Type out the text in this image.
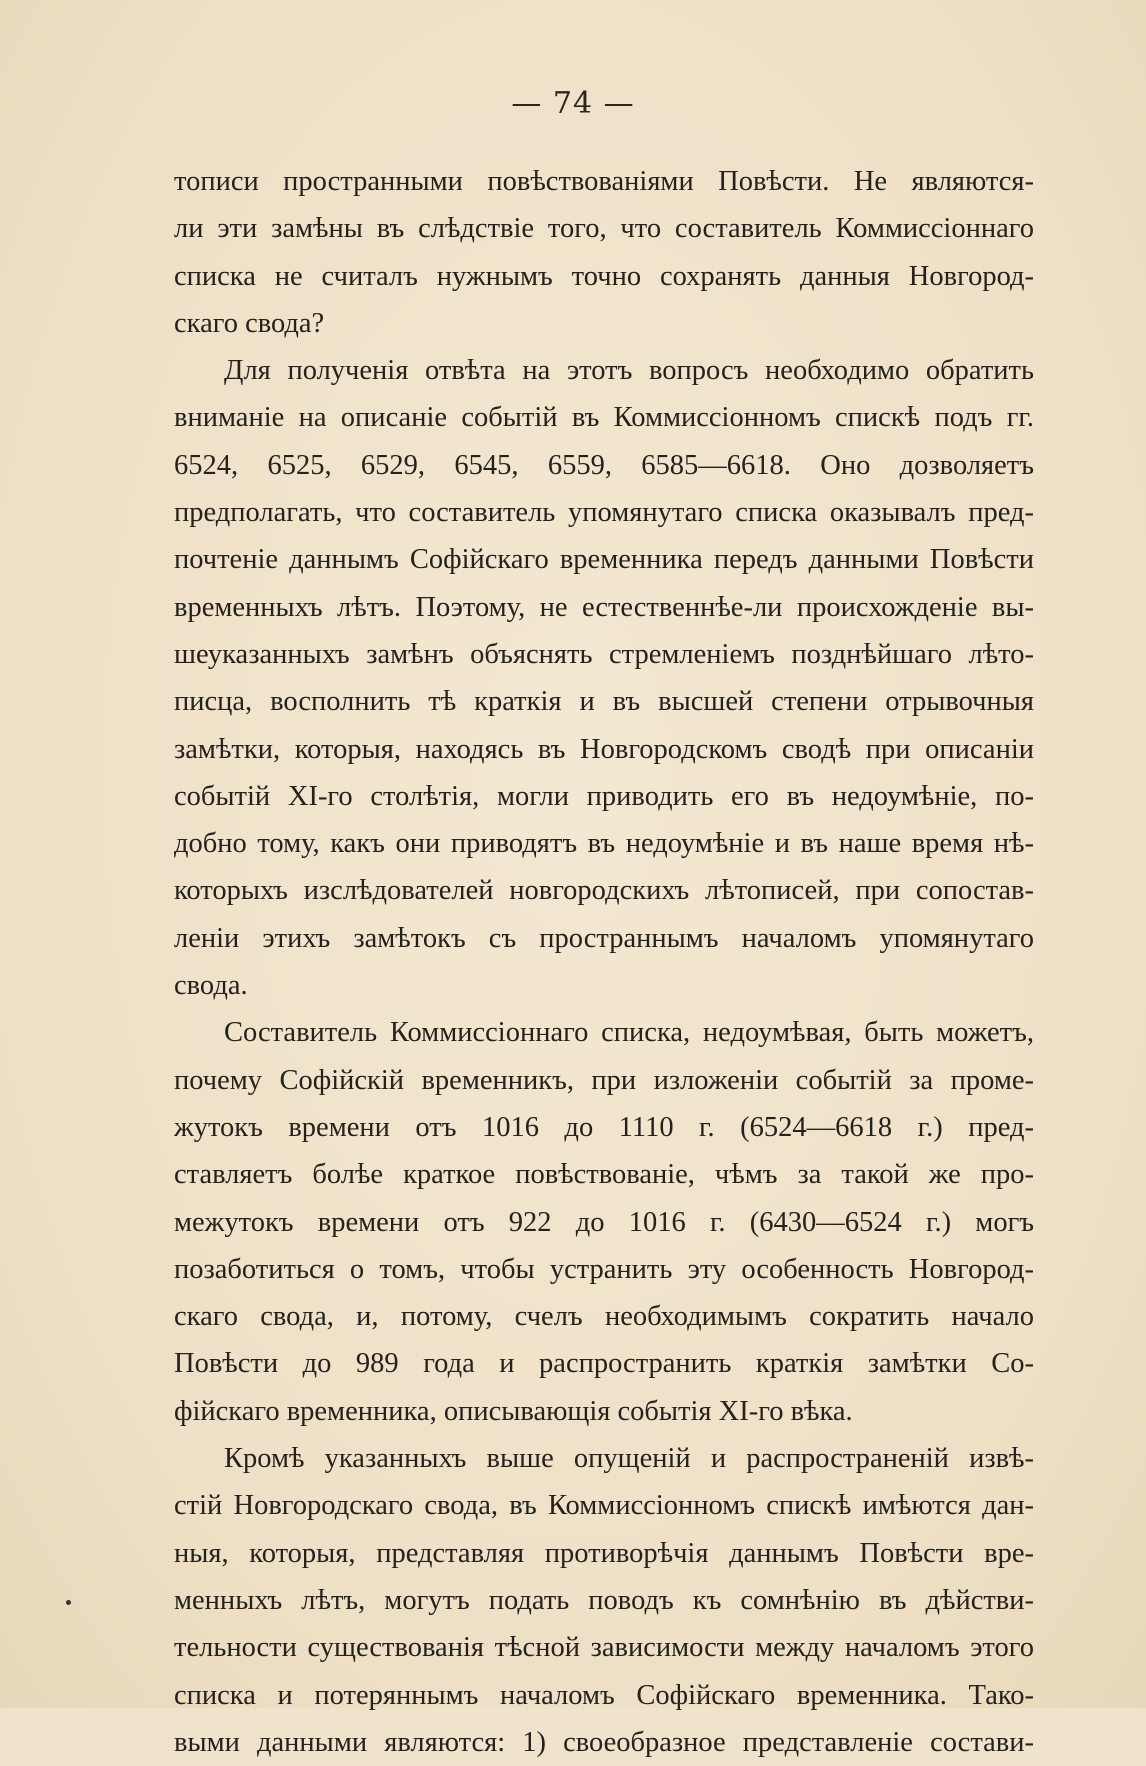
— 74 —
тописи пространными повѣствованіями Повѣсти. Не являются-
ли эти замѣны въ слѣдствіе того, что составитель Коммиссіоннаго
списка не считалъ нужнымъ точно сохранять данныя Новгород-
скаго свода?
Для полученія отвѣта на этотъ вопросъ необходимо обратить
вниманіе на описаніе событій въ Коммиссіонномъ спискѣ подъ гг.
6524, 6525, 6529, 6545, 6559, 6585—6618. Оно дозволяетъ
предполагать, что составитель упомянутаго списка оказывалъ пред-
почтеніе даннымъ Софійскаго временника передъ данными Повѣсти
временныхъ лѣтъ. Поэтому, не естественнѣе-ли происхожденіе вы-
шеуказанныхъ замѣнъ объяснять стремленіемъ позднѣйшаго лѣто-
писца, восполнить тѣ краткія и въ высшей степени отрывочныя
замѣтки, которыя, находясь въ Новгородскомъ сводѣ при описаніи
событій XI-го столѣтія, могли приводить его въ недоумѣніе, по-
добно тому, какъ они приводятъ въ недоумѣніе и въ наше время нѣ-
которыхъ изслѣдователей новгородскихъ лѣтописей, при сопостав-
леніи этихъ замѣтокъ съ пространнымъ началомъ упомянутаго
свода.
Составитель Коммиссіоннаго списка, недоумѣвая, быть можетъ,
почему Софійскій временникъ, при изложеніи событій за проме-
жутокъ времени отъ 1016 до 1110 г. (6524—6618 г.) пред-
ставляетъ болѣе краткое повѣствованіе, чѣмъ за такой же про-
межутокъ времени отъ 922 до 1016 г. (6430—6524 г.) могъ
позаботиться о томъ, чтобы устранить эту особенность Новгород-
скаго свода, и, потому, счелъ необходимымъ сократить начало
Повѣсти до 989 года и распространить краткія замѣтки Со-
фійскаго временника, описывающія событія XI-го вѣка.
Кромѣ указанныхъ выше опущеній и распространеній извѣ-
стій Новгородскаго свода, въ Коммиссіонномъ спискѣ имѣются дан-
ныя, которыя, представляя противорѣчія даннымъ Повѣсти вре-
менныхъ лѣтъ, могутъ подать поводъ къ сомнѣнію въ дѣйстви-
тельности существованія тѣсной зависимости между началомъ этого
списка и потеряннымъ началомъ Софійскаго временника. Тако-
выми данными являются: 1) своеобразное представленіе состави-
